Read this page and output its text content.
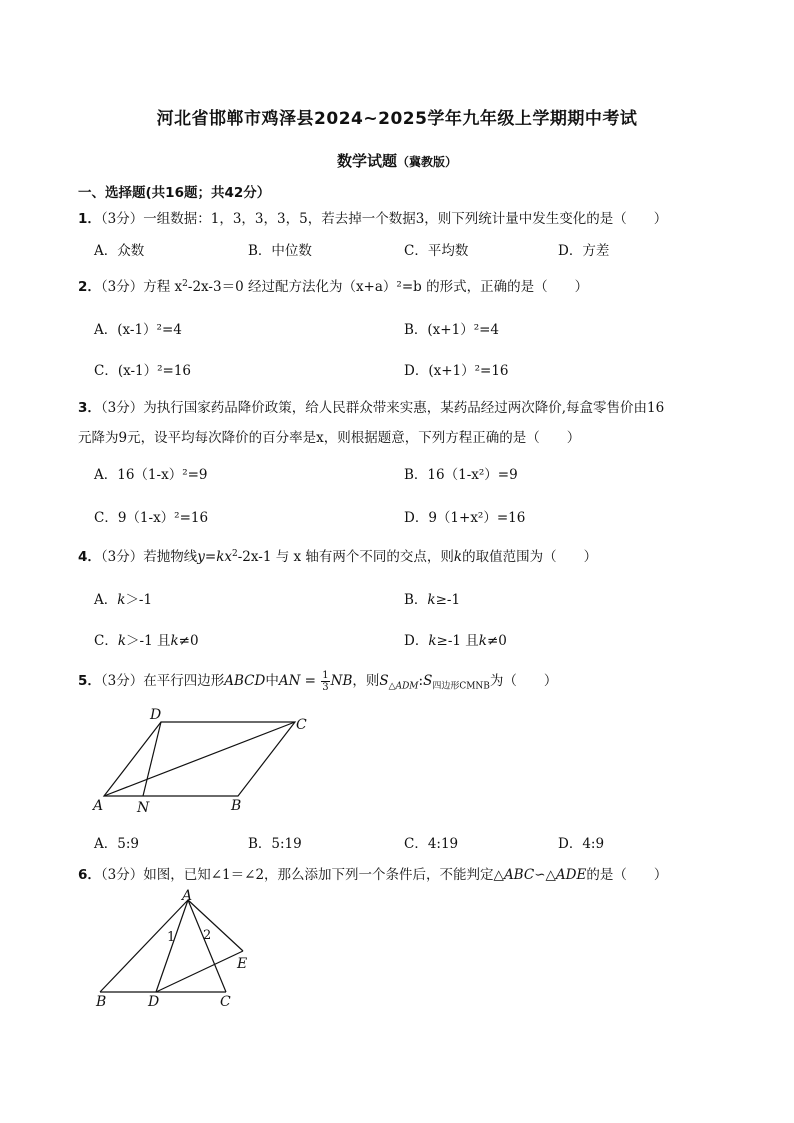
河北省邯郸市鸡泽县2024~2025学年九年级上学期期中考试
数学试题（冀教版）
一、选择题(共16题；共42分）
1．（3分）一组数据：1，3，3，3，5，若去掉一个数据3，则下列统计量中发生变化的是（　　）
A．众数	B．中位数	C．平均数	D．方差
2．（3分）方程 $x^2-2x-3=0$ 经过配方法化为（x+a）²=b 的形式，正确的是（　　）
A．(x-1）²=4	B．(x+1）²=4
C．(x-1）²=16	D．(x+1）²=16
3．（3分）为执行国家药品降价政策，给人民群众带来实惠，某药品经过两次降价,每盒零售价由16
元降为9元，设平均每次降价的百分率是x，则根据题意，下列方程正确的是（　　）
A．16（1-x）²=9	B．16（1-x²）=9
C．9（1-x）²=16	D．9（1+x²）=16
4．（3分）若抛物线$y=kx^2-2x-1$ 与 x 轴有两个不同的交点，则k的取值范围为（　　）
A．k＞-1	B．k≥-1
C．k＞-1 且k≠0	D．k≥-1 且k≠0
5．（3分）在平行四边形ABCD中AN = $\frac{1}{3}$ NB，则$S_{\triangle ADM}:S_{四边形CMNB}$为（　　）
D
C
A N	B
A．5:9	B．5:19	C．4:19	D．4:9
6．（3分）如图，已知∠1＝∠2，那么添加下列一个条件后，不能判定△ABC∽△ADE的是（　　）
A
1 2
E
B	D	C
